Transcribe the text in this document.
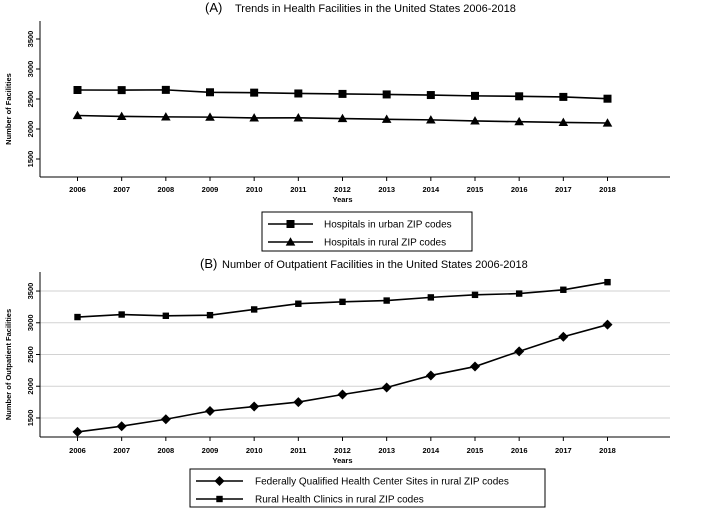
(A) Trends in Health Facilities in the United States 2006-2018
1500
2000
2500
3000
3500
Number of Facilities
2006	2007	2008	2009	2010	2011	2012	2013	2014	2015	2016	2017	2018
Years
Hospitals in urban ZIP codes
Hospitals in rural ZIP codes
(B) Number of Outpatient Facilities in the United States 2006-2018
1500
2000
2500
3000
3500
Number of Outpatient Facilities
2006	2007	2008	2009	2010	2011	2012	2013	2014	2015	2016	2017	2018
Years
Federally Qualified Health Center Sites in rural ZIP codes
Rural Health Clinics in rural ZIP codes
